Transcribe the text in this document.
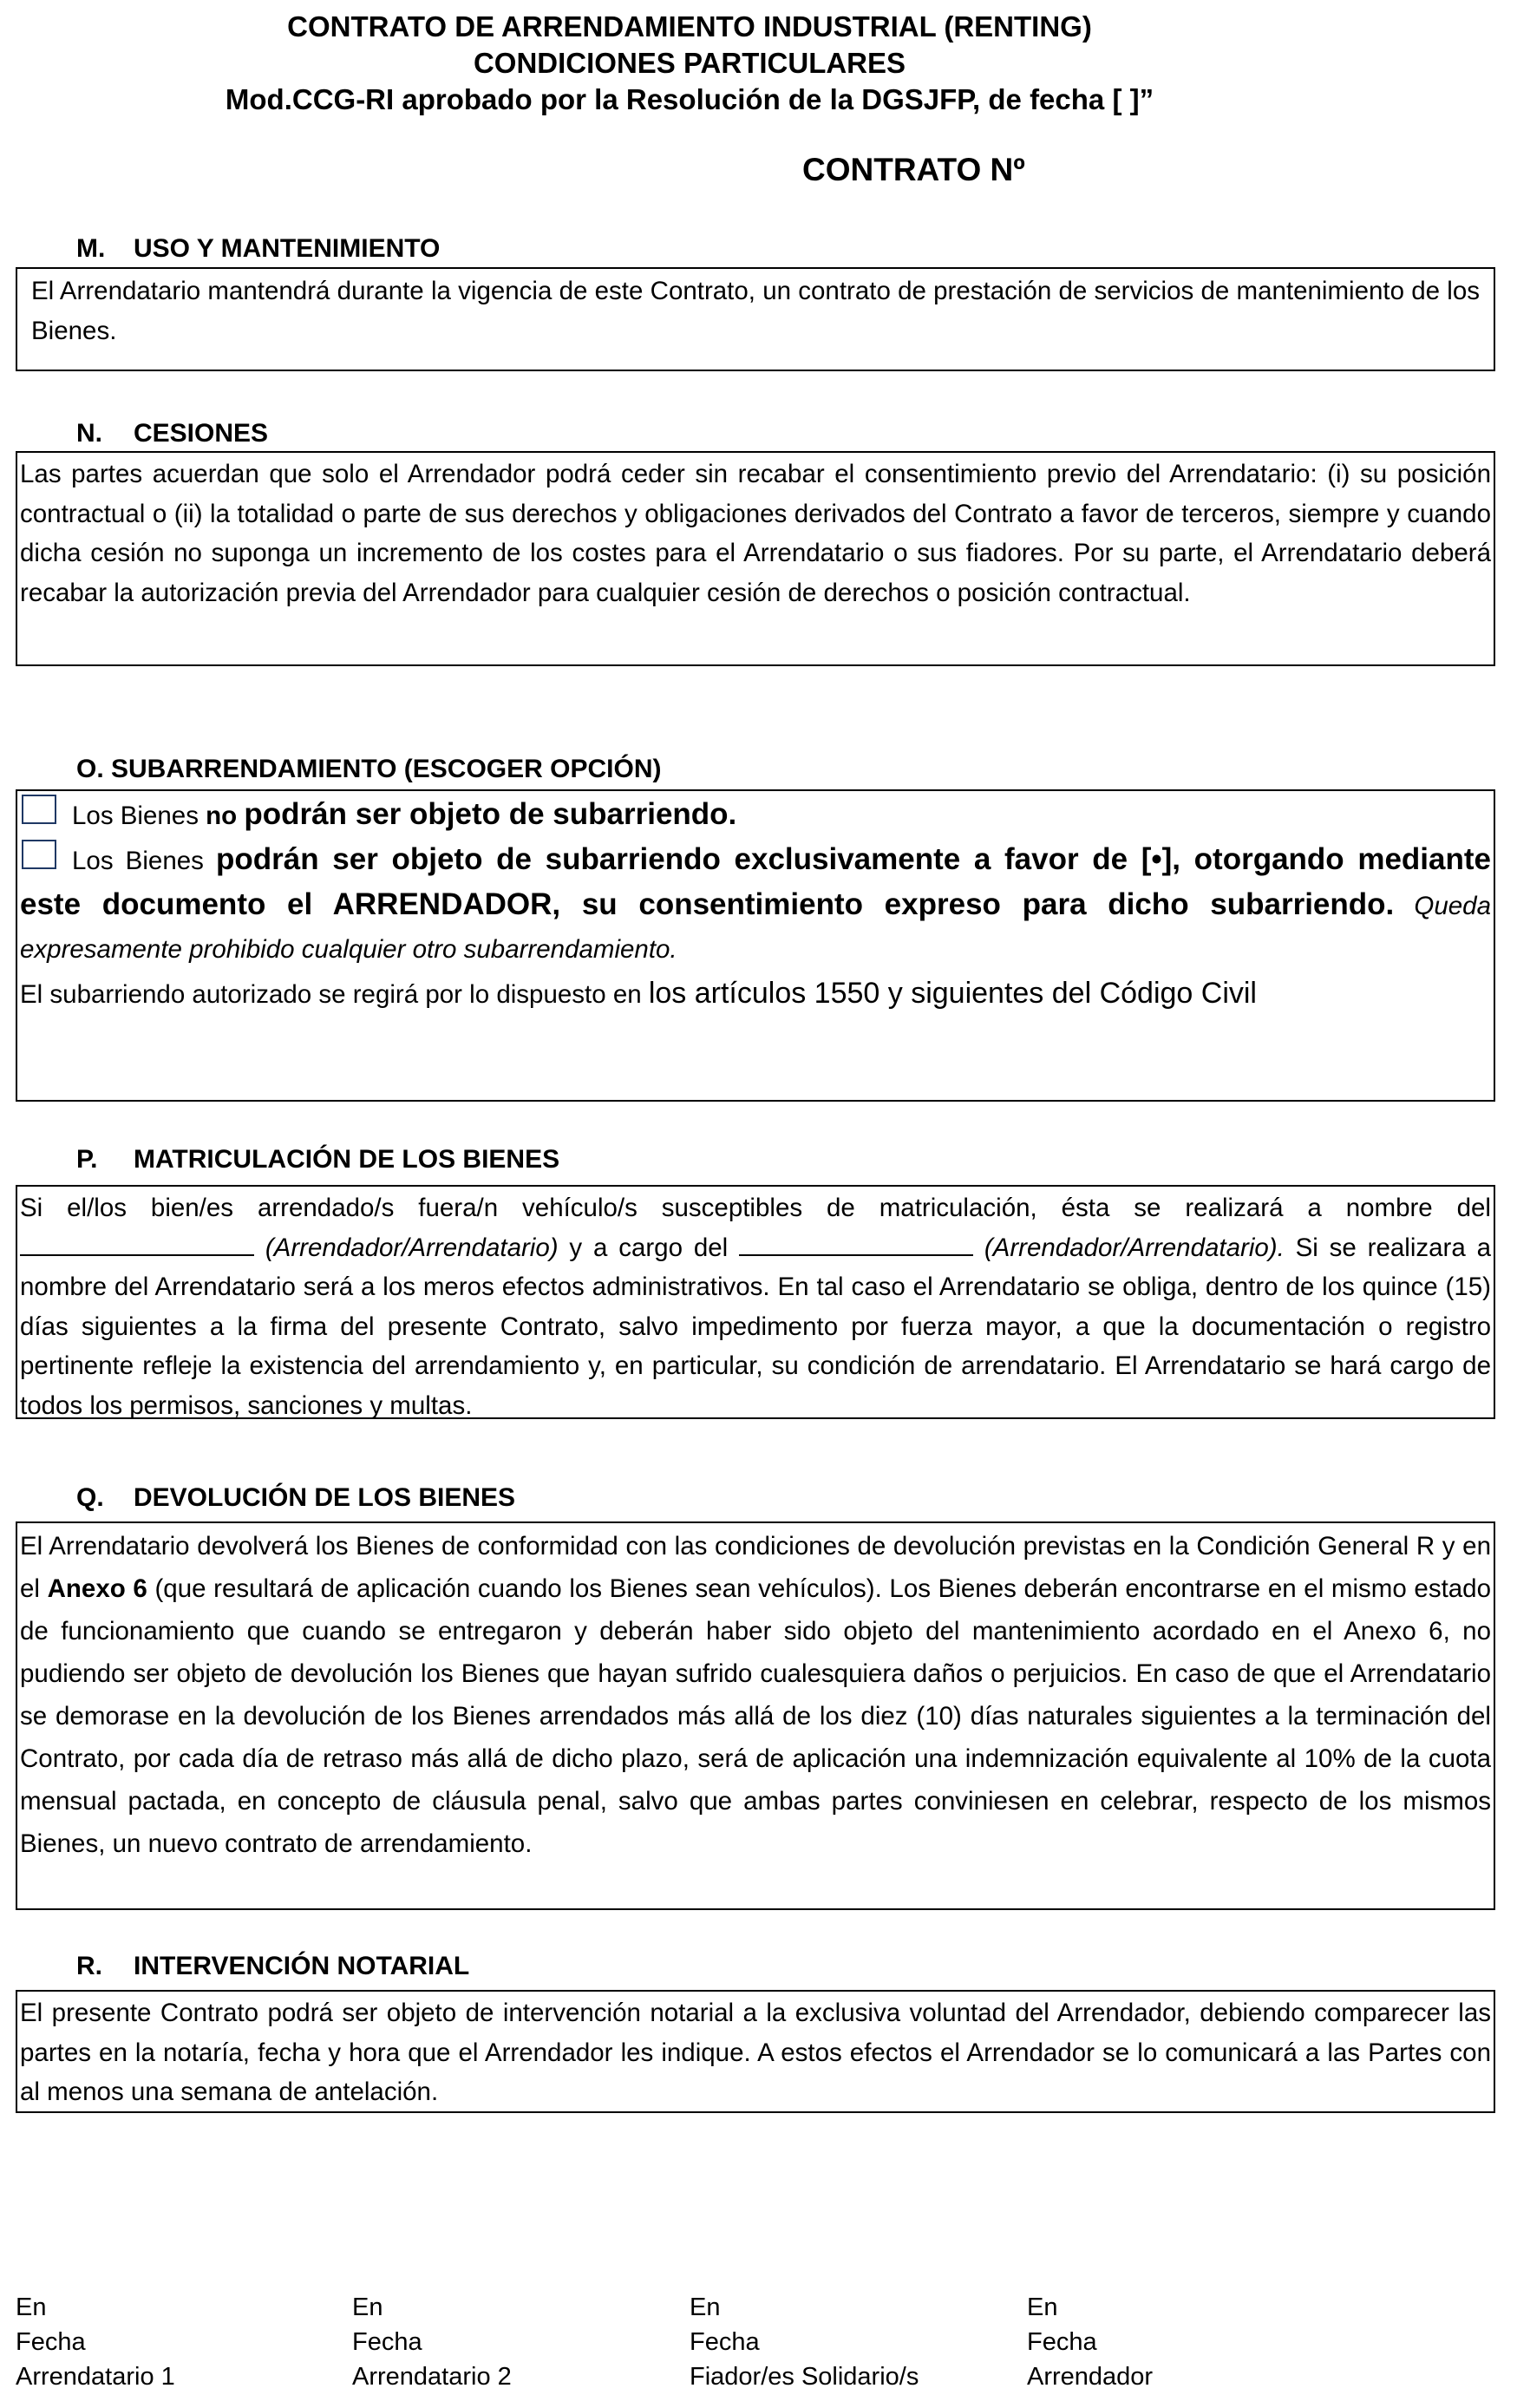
CONTRATO DE ARRENDAMIENTO INDUSTRIAL (RENTING)
CONDICIONES PARTICULARES
Mod.CCG-RI aprobado por la Resolución de la DGSJFP, de fecha [ ]”
CONTRATO Nº
M. USO Y MANTENIMIENTO

El Arrendatario mantendrá durante la vigencia de este Contrato, un contrato de prestación de servicios de mantenimiento de los Bienes.

N. CESIONES

Las partes acuerdan que solo el Arrendador podrá ceder sin recabar el consentimiento previo del Arrendatario: (i) su posición contractual o (ii) la totalidad o parte de sus derechos y obligaciones derivados del Contrato a favor de terceros, siempre y cuando dicha cesión no suponga un incremento de los costes para el Arrendatario o sus fiadores. Por su parte, el Arrendatario deberá recabar la autorización previa del Arrendador para cualquier cesión de derechos o posición contractual.

O. SUBARRENDAMIENTO (ESCOGER OPCIÓN)

Los Bienes no podrán ser objeto de subarriendo.

Los Bienes podrán ser objeto de subarriendo exclusivamente a favor de [•], otorgando mediante este documento el ARRENDADOR, su consentimiento expreso para dicho subarriendo. Queda expresamente prohibido cualquier otro subarrendamiento.

El subarriendo autorizado se regirá por lo dispuesto en los artículos 1550 y siguientes del Código Civil

P. MATRICULACIÓN DE LOS BIENES

Si el/los bien/es arrendado/s fuera/n vehículo/s susceptibles de matriculación, ésta se realizará a nombre del  (Arrendador/Arrendatario) y a cargo del	(Arrendador/Arrendatario). Si se realizara a nombre del Arrendatario será a los meros efectos administrativos. En tal caso el Arrendatario se obliga, dentro de los quince (15) días siguientes a la firma del presente Contrato, salvo impedimento por fuerza mayor, a que la documentación o registro pertinente refleje la existencia del arrendamiento y, en particular, su condición de arrendatario. El Arrendatario se hará cargo de todos los permisos, sanciones y multas.

Q. DEVOLUCIÓN DE LOS BIENES

El Arrendatario devolverá los Bienes de conformidad con las condiciones de devolución previstas en la Condición General R y en el Anexo 6 (que resultará de aplicación cuando los Bienes sean vehículos). Los Bienes deberán encontrarse en el mismo estado de funcionamiento que cuando se entregaron y deberán haber sido objeto del mantenimiento acordado en el Anexo 6, no pudiendo ser objeto de devolución los Bienes que hayan sufrido cualesquiera daños o perjuicios. En caso de que el Arrendatario se demorase en la devolución de los Bienes arrendados más allá de los diez (10) días naturales siguientes a la terminación del Contrato, por cada día de retraso más allá de dicho plazo, será de aplicación una indemnización equivalente al 10% de la cuota mensual pactada, en concepto de cláusula penal, salvo que ambas partes conviniesen en celebrar, respecto de los mismos Bienes, un nuevo contrato de arrendamiento.

R. INTERVENCIÓN NOTARIAL

El presente Contrato podrá ser objeto de intervención notarial a la exclusiva voluntad del Arrendador, debiendo comparecer las partes en la notaría, fecha y hora que el Arrendador les indique. A estos efectos el Arrendador se lo comunicará a las Partes con al menos una semana de antelación.

En
Fecha
Arrendatario 1
En
Fecha
Arrendatario 2
En
Fecha
Fiador/es Solidario/s
En
Fecha
Arrendador
